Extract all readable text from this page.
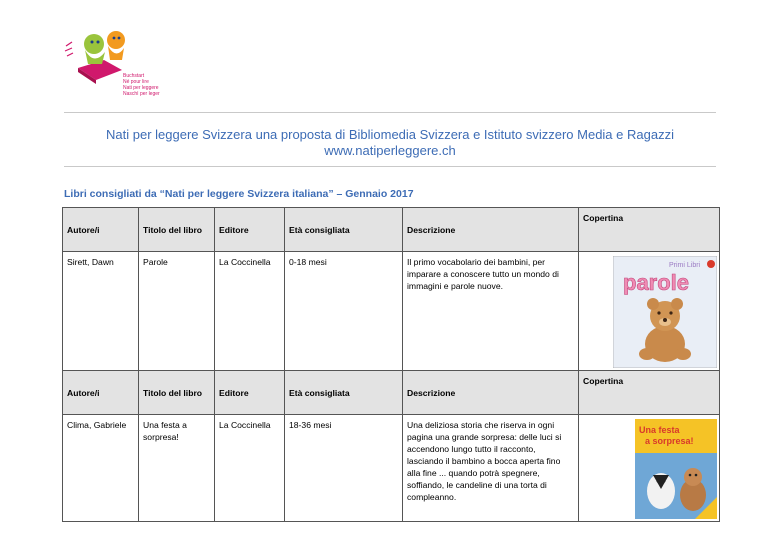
Buchstart
Né pour lire
Nati per leggere
Naschì per leger
Nati per leggere Svizzera una proposta di Bibliomedia Svizzera e Istituto svizzero Media e Ragazzi
www.natiperleggere.ch
Libri consigliati da “Nati per leggere Svizzera italiana” – Gennaio 2017
Autore/i	Titolo del libro	Editore	Età consigliata	Descrizione	Copertina
Sirett, Dawn	Parole	La Coccinella	0-18 mesi	Il primo vocabolario dei bambini, per imparare a conoscere tutto un mondo di immagini e parole nuove.	Primi Libri
parole

Autore/i	Titolo del libro	Editore	Età consigliata	Descrizione	Copertina
Clima, Gabriele	Una festa a sorpresa!	La Coccinella	18-36 mesi	Una deliziosa storia che riserva in ogni pagina una grande sorpresa: delle luci si accendono lungo tutto il racconto, lasciando il bambino a bocca aperta fino alla fine ... quando potrà spegnere, soffiando, le candeline di una torta di compleanno.	Una festa
a sorpresa!
